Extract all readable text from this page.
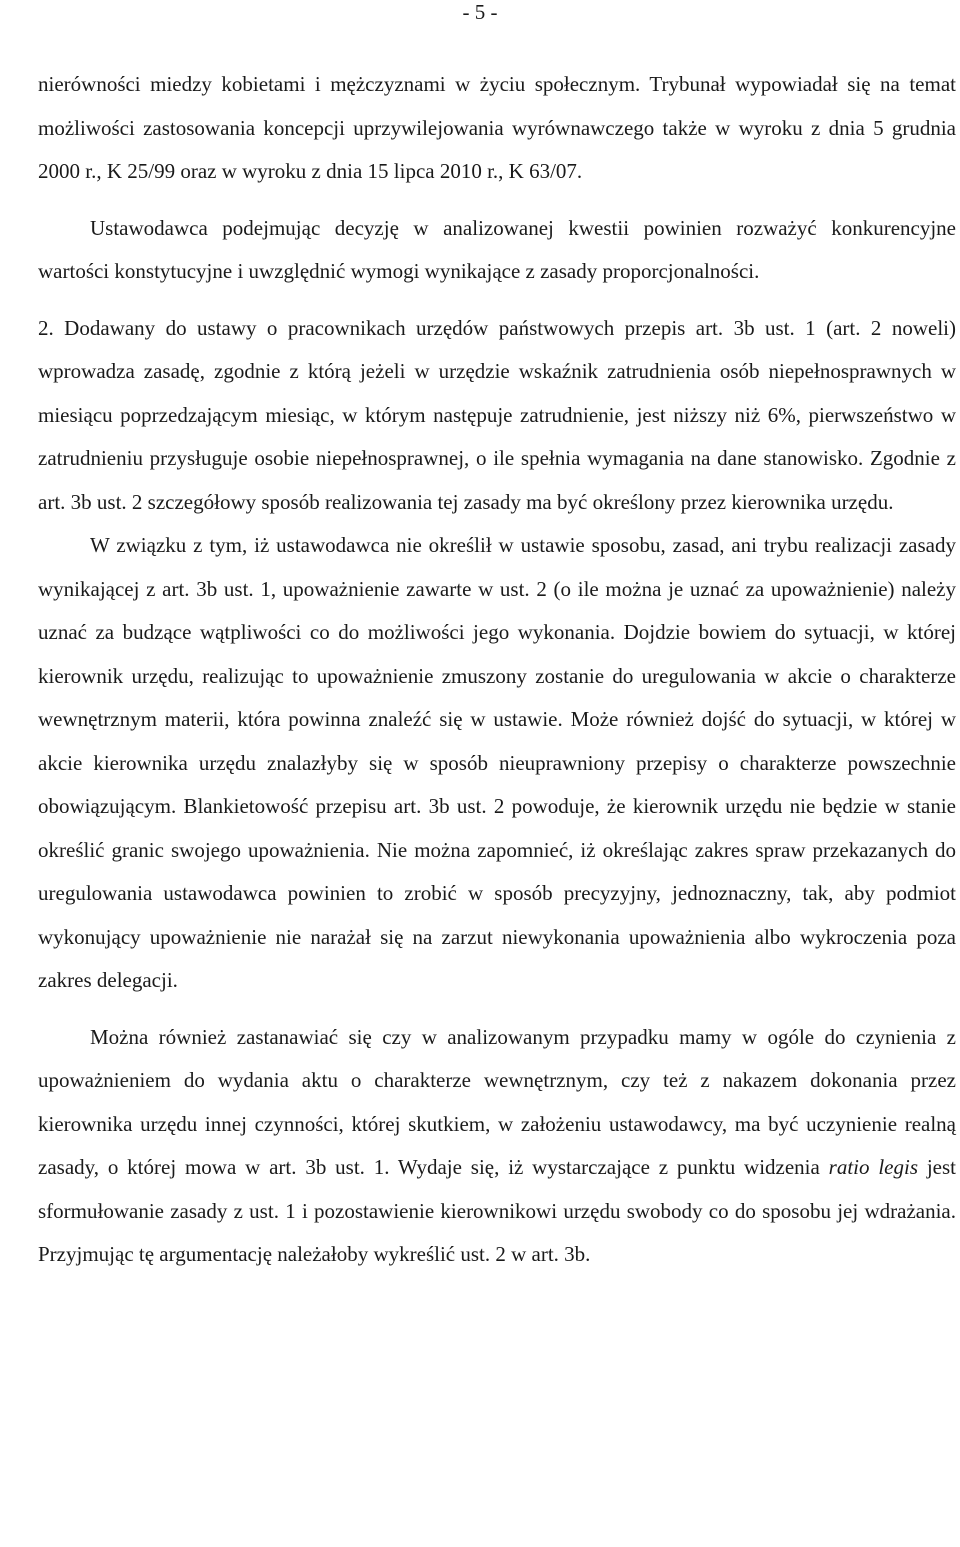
- 5 -

nierówności miedzy kobietami i mężczyznami w życiu społecznym. Trybunał wypowiadał się na temat możliwości zastosowania koncepcji uprzywilejowania wyrównawczego także w wyroku z dnia 5 grudnia 2000 r., K 25/99 oraz w wyroku z dnia 15 lipca 2010 r., K 63/07.

Ustawodawca podejmując decyzję w analizowanej kwestii powinien rozważyć konkurencyjne wartości konstytucyjne i uwzględnić wymogi wynikające z zasady proporcjonalności.

2. Dodawany do ustawy o pracownikach urzędów państwowych przepis art. 3b ust. 1 (art. 2 noweli) wprowadza zasadę, zgodnie z którą jeżeli w urzędzie wskaźnik zatrudnienia osób niepełnosprawnych w miesiącu poprzedzającym miesiąc, w którym następuje zatrudnienie, jest niższy niż 6%, pierwszeństwo w zatrudnieniu przysługuje osobie niepełnosprawnej, o ile spełnia wymagania na dane stanowisko. Zgodnie z art. 3b ust. 2 szczegółowy sposób realizowania tej zasady ma być określony przez kierownika urzędu.

W związku z tym, iż ustawodawca nie określił w ustawie sposobu, zasad, ani trybu realizacji zasady wynikającej z art. 3b ust. 1, upoważnienie zawarte w ust. 2 (o ile można je uznać za upoważnienie) należy uznać za budzące wątpliwości co do możliwości jego wykonania. Dojdzie bowiem do sytuacji, w której kierownik urzędu, realizując to upoważnienie zmuszony zostanie do uregulowania w akcie o charakterze wewnętrznym materii, która powinna znaleźć się w ustawie. Może również dojść do sytuacji, w której w akcie kierownika urzędu znalazłyby się w sposób nieuprawniony przepisy o charakterze powszechnie obowiązującym. Blankietowość przepisu art. 3b ust. 2 powoduje, że kierownik urzędu nie będzie w stanie określić granic swojego upoważnienia. Nie można zapomnieć, iż określając zakres spraw przekazanych do uregulowania ustawodawca powinien to zrobić w sposób precyzyjny, jednoznaczny, tak, aby podmiot wykonujący upoważnienie nie narażał się na zarzut niewykonania upoważnienia albo wykroczenia poza zakres delegacji.

Można również zastanawiać się czy w analizowanym przypadku mamy w ogóle do czynienia z upoważnieniem do wydania aktu o charakterze wewnętrznym, czy też z nakazem dokonania przez kierownika urzędu innej czynności, której skutkiem, w założeniu ustawodawcy, ma być uczynienie realną zasady, o której mowa w art. 3b ust. 1. Wydaje się, iż wystarczające z punktu widzenia ratio legis jest sformułowanie zasady z ust. 1 i pozostawienie kierownikowi urzędu swobody co do sposobu jej wdrażania. Przyjmując tę argumentację należałoby wykreślić ust. 2 w art. 3b.
